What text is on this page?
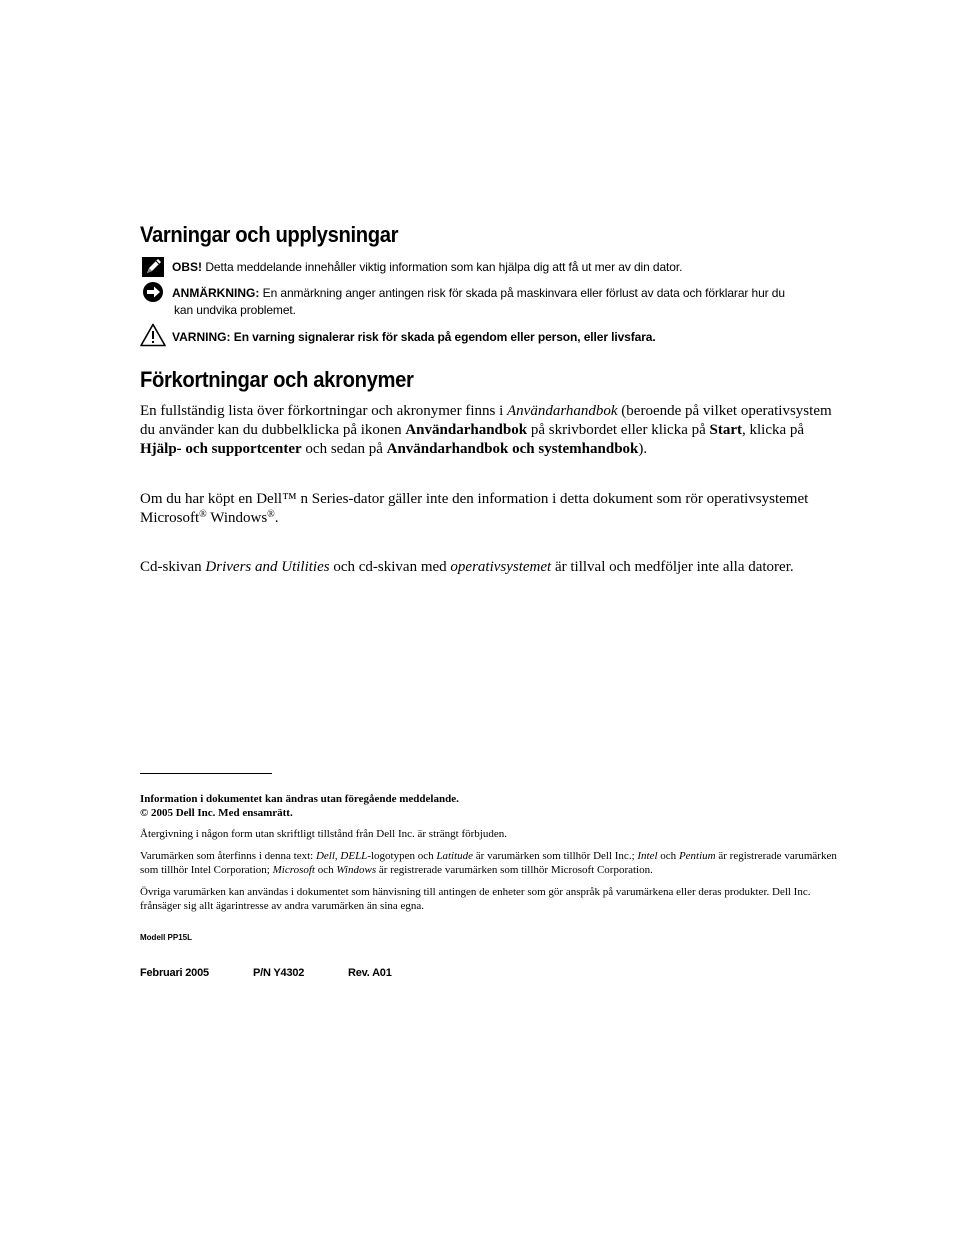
Varningar och upplysningar
OBS! Detta meddelande innehåller viktig information som kan hjälpa dig att få ut mer av din dator.
ANMÄRKNING: En anmärkning anger antingen risk för skada på maskinvara eller förlust av data och förklarar hur du
kan undvika problemet.
VARNING: En varning signalerar risk för skada på egendom eller person, eller livsfara.
Förkortningar och akronymer
En fullständig lista över förkortningar och akronymer finns i Användarhandbok (beroende på vilket operativsystem du använder kan du dubbelklicka på ikonen Användarhandbok på skrivbordet eller klicka på Start, klicka på Hjälp- och supportcenter och sedan på Användarhandbok och systemhandbok).
Om du har köpt en Dell™ n Series-dator gäller inte den information i detta dokument som rör operativsystemet Microsoft® Windows®.
Cd-skivan Drivers and Utilities och cd-skivan med operativsystemet är tillval och medföljer inte alla datorer.
Information i dokumentet kan ändras utan föregående meddelande.
© 2005 Dell Inc. Med ensamrätt.
Återgivning i någon form utan skriftligt tillstånd från Dell Inc. är strängt förbjuden.
Varumärken som återfinns i denna text: Dell, DELL-logotypen och Latitude är varumärken som tillhör Dell Inc.; Intel och Pentium är registrerade varumärken som tillhör Intel Corporation; Microsoft och Windows är registrerade varumärken som tillhör Microsoft Corporation.
Övriga varumärken kan användas i dokumentet som hänvisning till antingen de enheter som gör anspråk på varumärkena eller deras produkter. Dell Inc. frånsäger sig allt ägarintresse av andra varumärken än sina egna.
Modell PP15L
Februari 2005	P/N Y4302	Rev. A01
